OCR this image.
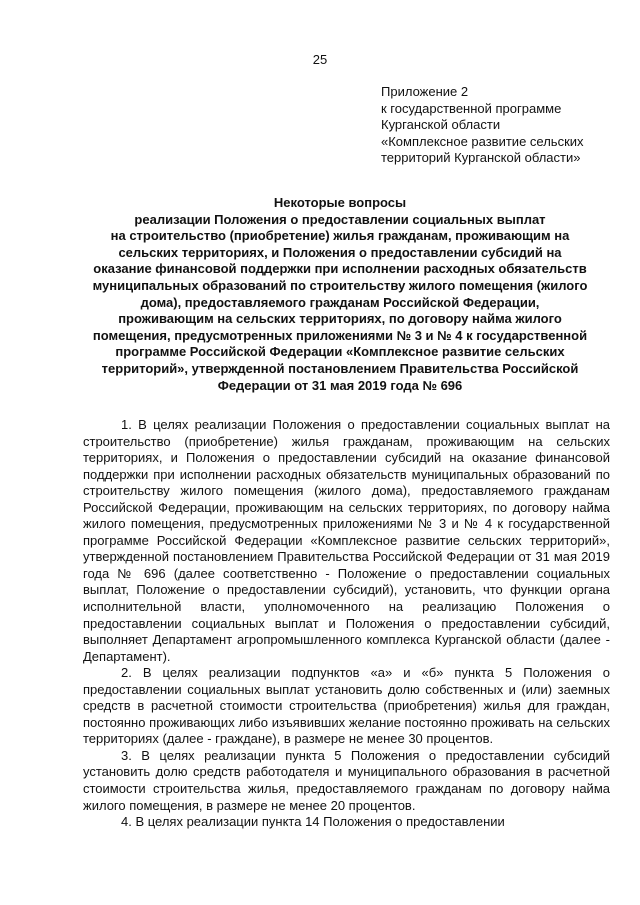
25
Приложение 2
к государственной программе
Курганской области
«Комплексное развитие сельских
территорий Курганской области»
Некоторые вопросы
реализации Положения о предоставлении социальных выплат
на строительство (приобретение) жилья гражданам, проживающим на
сельских территориях, и Положения о предоставлении субсидий на
оказание финансовой поддержки при исполнении расходных обязательств
муниципальных образований по строительству жилого помещения (жилого
дома), предоставляемого гражданам Российской Федерации,
проживающим на сельских территориях, по договору найма жилого
помещения, предусмотренных приложениями № 3 и № 4 к государственной
программе Российской Федерации «Комплексное развитие сельских
территорий», утвержденной постановлением Правительства Российской
Федерации от 31 мая 2019 года № 696

1. В целях реализации Положения о предоставлении социальных выплат на строительство (приобретение) жилья гражданам, проживающим на сельских территориях, и Положения о предоставлении субсидий на оказание финансовой поддержки при исполнении расходных обязательств муниципальных образований по строительству жилого помещения (жилого дома), предоставляемого гражданам Российской Федерации, проживающим на сельских территориях, по договору найма жилого помещения, предусмотренных приложениями № 3 и № 4 к государственной программе Российской Федерации «Комплексное развитие сельских территорий», утвержденной постановлением Правительства Российской Федерации от 31 мая 2019 года № 696 (далее соответственно - Положение о предоставлении социальных выплат, Положение о предоставлении субсидий), установить, что функции органа исполнительной власти, уполномоченного на реализацию Положения о предоставлении социальных выплат и Положения о предоставлении субсидий, выполняет Департамент агропромышленного комплекса Курганской области (далее - Департамент).

2. В целях реализации подпунктов «а» и «б» пункта 5 Положения о предоставлении социальных выплат установить долю собственных и (или) заемных средств в расчетной стоимости строительства (приобретения) жилья для граждан, постоянно проживающих либо изъявивших желание постоянно проживать на сельских территориях (далее - граждане), в размере не менее 30 процентов.

3. В целях реализации пункта 5 Положения о предоставлении субсидий установить долю средств работодателя и муниципального образования в расчетной стоимости строительства жилья, предоставляемого гражданам по договору найма жилого помещения, в размере не менее 20 процентов.

4. В целях реализации пункта 14 Положения о предоставлении
